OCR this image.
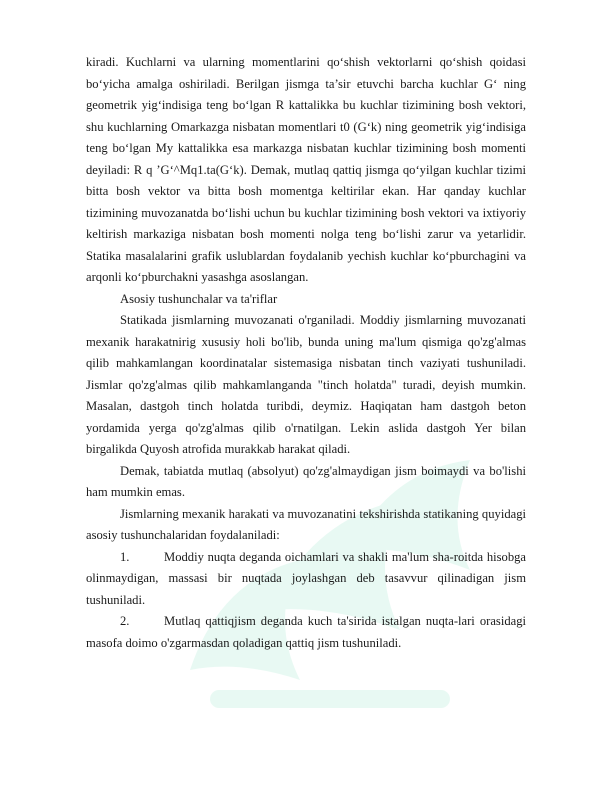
kiradi. Kuchlarni va ularning momentlarini qo‘shish vektorlarni qo‘shish qoidasi bo‘yicha amalga oshiriladi. Berilgan jismga ta’sir etuvchi barcha kuchlar G‘ ning geometrik yig‘indisiga teng bo‘lgan R kattalikka bu kuchlar tizimining bosh vektori, shu kuchlarning Omarkazga nisbatan momentlari t0 (G‘k) ning geometrik yig‘indisiga teng bo‘lgan My kattalikka esa markazga nisbatan kuchlar tizimining bosh momenti deyiladi: R q ’G‘^Mq1.ta(G‘k). Demak, mutlaq qattiq jismga qo‘yilgan kuchlar tizimi bitta bosh vektor va bitta bosh momentga keltirilar ekan. Har qanday kuchlar tizimining muvozanatda bo‘lishi uchun bu kuchlar tizimining bosh vektori va ixtiyoriy keltirish markaziga nisbatan bosh momenti nolga teng bo‘lishi zarur va yetarlidir. Statika masalalarini grafik uslublardan foydalanib yechish kuchlar ko‘pburchagini va arqonli ko‘pburchakni yasashga asoslangan.

Asosiy tushunchalar va ta'riflar

Statikada jismlarning muvozanati o'rganiladi. Moddiy jismlarning muvozanati mexanik harakatnirig xususiy holi bo'lib, bunda uning ma'lum qismiga qo'zg'almas qilib mahkamlangan koordinatalar sistemasiga nisbatan tinch vaziyati tushuniladi. Jismlar qo'zg'almas qilib mahkamlanganda "tinch holatda" turadi, deyish mumkin. Masalan, dastgoh tinch holatda turibdi, deymiz. Haqiqatan ham dastgoh beton yordamida yerga qo'zg'almas qilib o'rnatilgan. Lekin aslida dastgoh Yer bilan birgalikda Quyosh atrofida murakkab harakat qiladi.

Demak, tabiatda mutlaq (absolyut) qo'zg'almaydigan jism boimaydi va bo'lishi ham mumkin emas.

Jismlarning mexanik harakati va muvozanatini tekshirishda statikaning quyidagi asosiy tushunchalaridan foydalaniladi:

1.	Moddiy nuqta deganda oichamlari va shakli ma'lum sha-roitda hisobga olinmaydigan, massasi bir nuqtada joylashgan deb tasavvur qilinadigan jism tushuniladi.

2.	Mutlaq qattiqjism deganda kuch ta'sirida istalgan nuqta-lari orasidagi masofa doimo o'zgarmasdan qoladigan qattiq jism tushuniladi.
